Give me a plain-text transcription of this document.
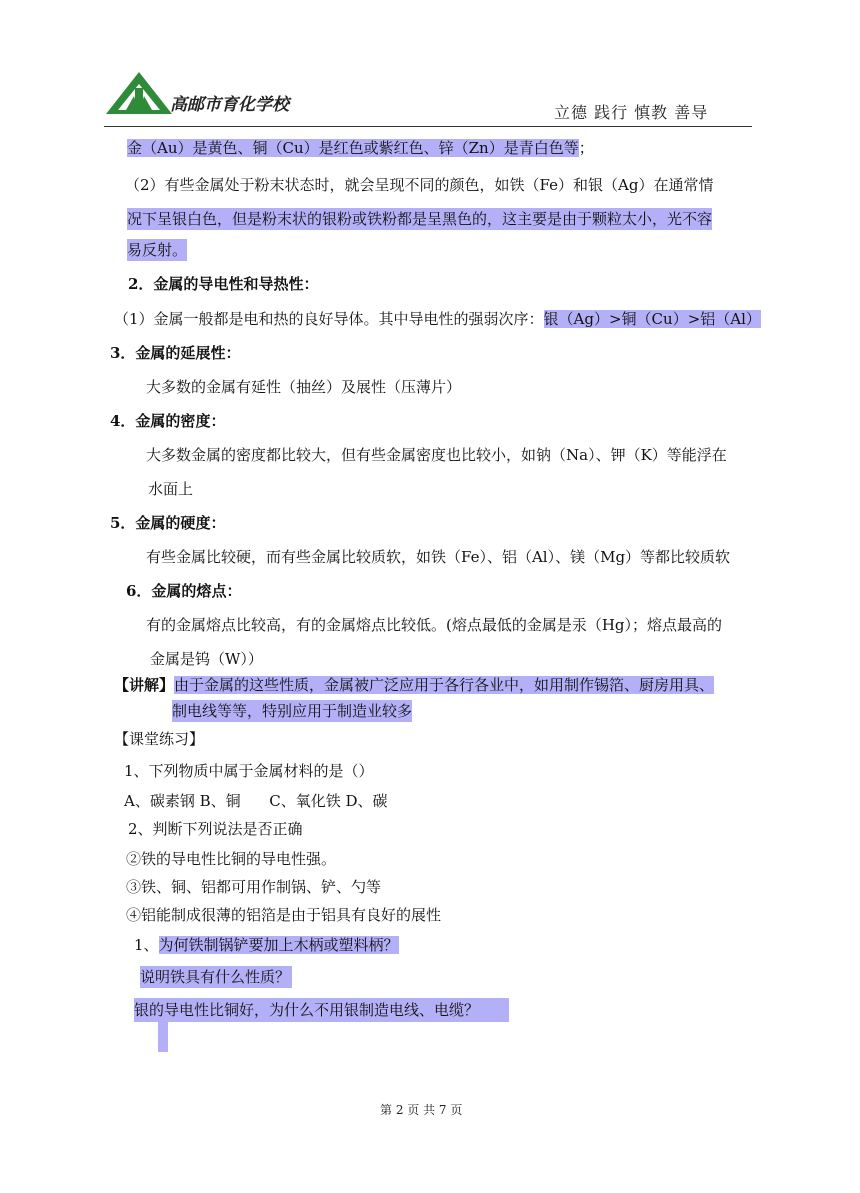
高邮市育化学校	立德 践行 慎教 善导
金（Au）是黄色、铜（Cu）是红色或紫红色、锌（Zn）是青白色等；
（2）有些金属处于粉末状态时，就会呈现不同的颜色，如铁（Fe）和银（Ag）在通常情
况下呈银白色，但是粉末状的银粉或铁粉都是呈黑色的，这主要是由于颗粒太小，光不容
易反射。
2．金属的导电性和导热性：
（1）金属一般都是电和热的良好导体。其中导电性的强弱次序：银（Ag）>铜（Cu）>铝（Al）
3．金属的延展性：
大多数的金属有延性（抽丝）及展性（压薄片）
4．金属的密度：
大多数金属的密度都比较大，但有些金属密度也比较小，如钠（Na）、钾（K）等能浮在
水面上
5．金属的硬度：
有些金属比较硬，而有些金属比较质软，如铁（Fe）、铝（Al）、镁（Mg）等都比较质软
6．金属的熔点：
有的金属熔点比较高，有的金属熔点比较低。(熔点最低的金属是汞（Hg）；熔点最高的
金属是钨（W））
【讲解】由于金属的这些性质，金属被广泛应用于各行各业中，如用制作锡箔、厨房用具、
制电线等等，特别应用于制造业较多
【课堂练习】
1、下列物质中属于金属材料的是（）
A、碳素钢 B、铜      C、氧化铁 D、碳
2、判断下列说法是否正确
②铁的导电性比铜的导电性强。
③铁、铜、铝都可用作制锅、铲、勺等
④铝能制成很薄的铝箔是由于铝具有良好的展性
1、为何铁制锅铲要加上木柄或塑料柄？
说明铁具有什么性质？
银的导电性比铜好，为什么不用银制造电线、电缆？
第 2 页 共 7 页
